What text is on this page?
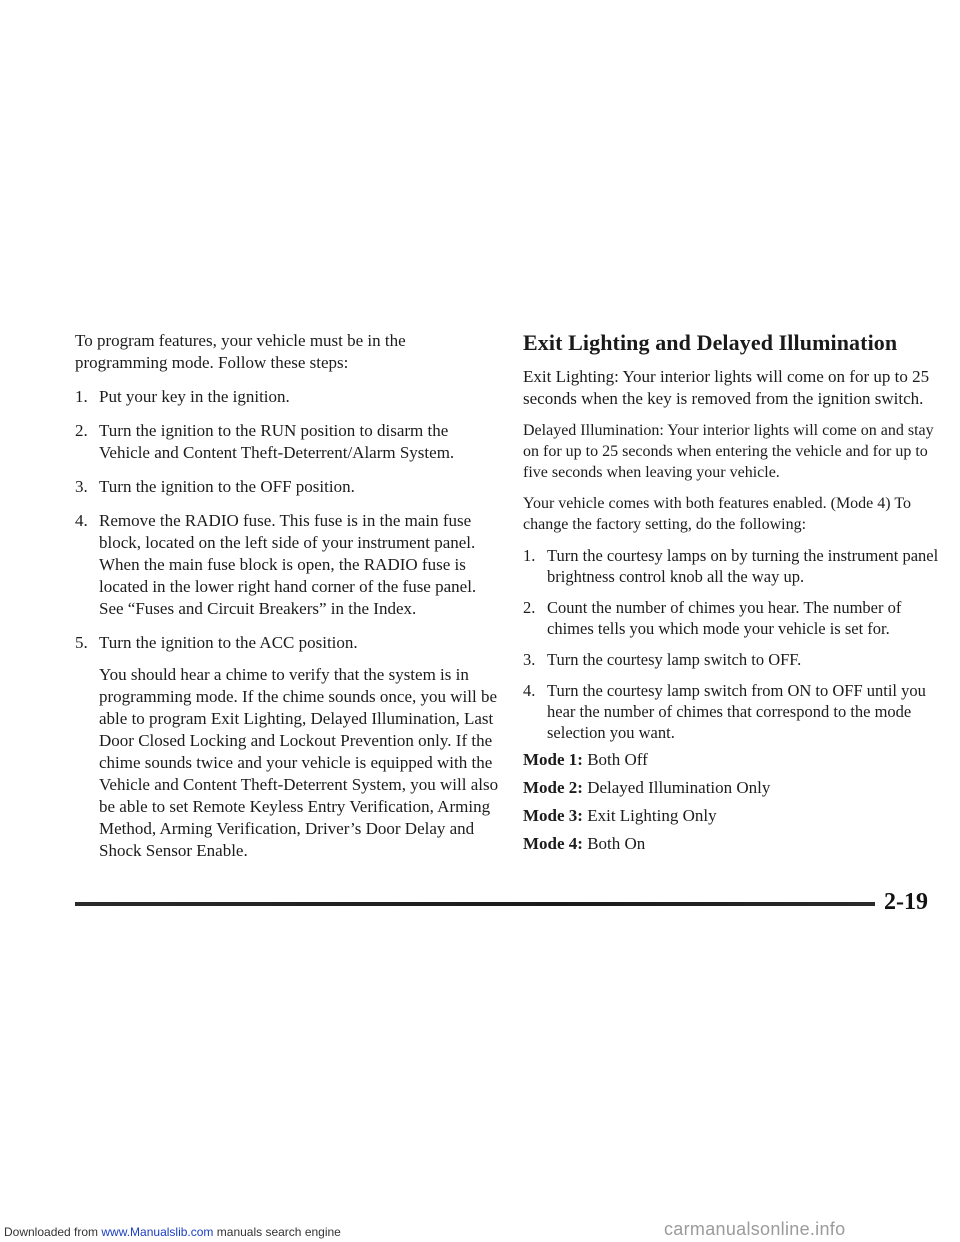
To program features, your vehicle must be in the programming mode. Follow these steps:

1. Put your key in the ignition.
2. Turn the ignition to the RUN position to disarm the Vehicle and Content Theft-Deterrent/Alarm System.
3. Turn the ignition to the OFF position.
4. Remove the RADIO fuse. This fuse is in the main fuse block, located on the left side of your instrument panel. When the main fuse block is open, the RADIO fuse is located in the lower right hand corner of the fuse panel. See “Fuses and Circuit Breakers” in the Index.
5. Turn the ignition to the ACC position.

You should hear a chime to verify that the system is in programming mode. If the chime sounds once, you will be able to program Exit Lighting, Delayed Illumination, Last Door Closed Locking and Lockout Prevention only. If the chime sounds twice and your vehicle is equipped with the Vehicle and Content Theft-Deterrent System, you will also be able to set Remote Keyless Entry Verification, Arming Method, Arming Verification, Driver’s Door Delay and Shock Sensor Enable.

Exit Lighting and Delayed Illumination

Exit Lighting: Your interior lights will come on for up to 25 seconds when the key is removed from the ignition switch.

Delayed Illumination: Your interior lights will come on and stay on for up to 25 seconds when entering the vehicle and for up to five seconds when leaving your vehicle.

Your vehicle comes with both features enabled. (Mode 4) To change the factory setting, do the following:

1. Turn the courtesy lamps on by turning the instrument panel brightness control knob all the way up.
2. Count the number of chimes you hear. The number of chimes tells you which mode your vehicle is set for.
3. Turn the courtesy lamp switch to OFF.
4. Turn the courtesy lamp switch from ON to OFF until you hear the number of chimes that correspond to the mode selection you want.
Mode 1: Both Off
Mode 2: Delayed Illumination Only
Mode 3: Exit Lighting Only
Mode 4: Both On
2-19
Downloaded from www.Manualslib.com manuals search engine	carmanualsonline.info
